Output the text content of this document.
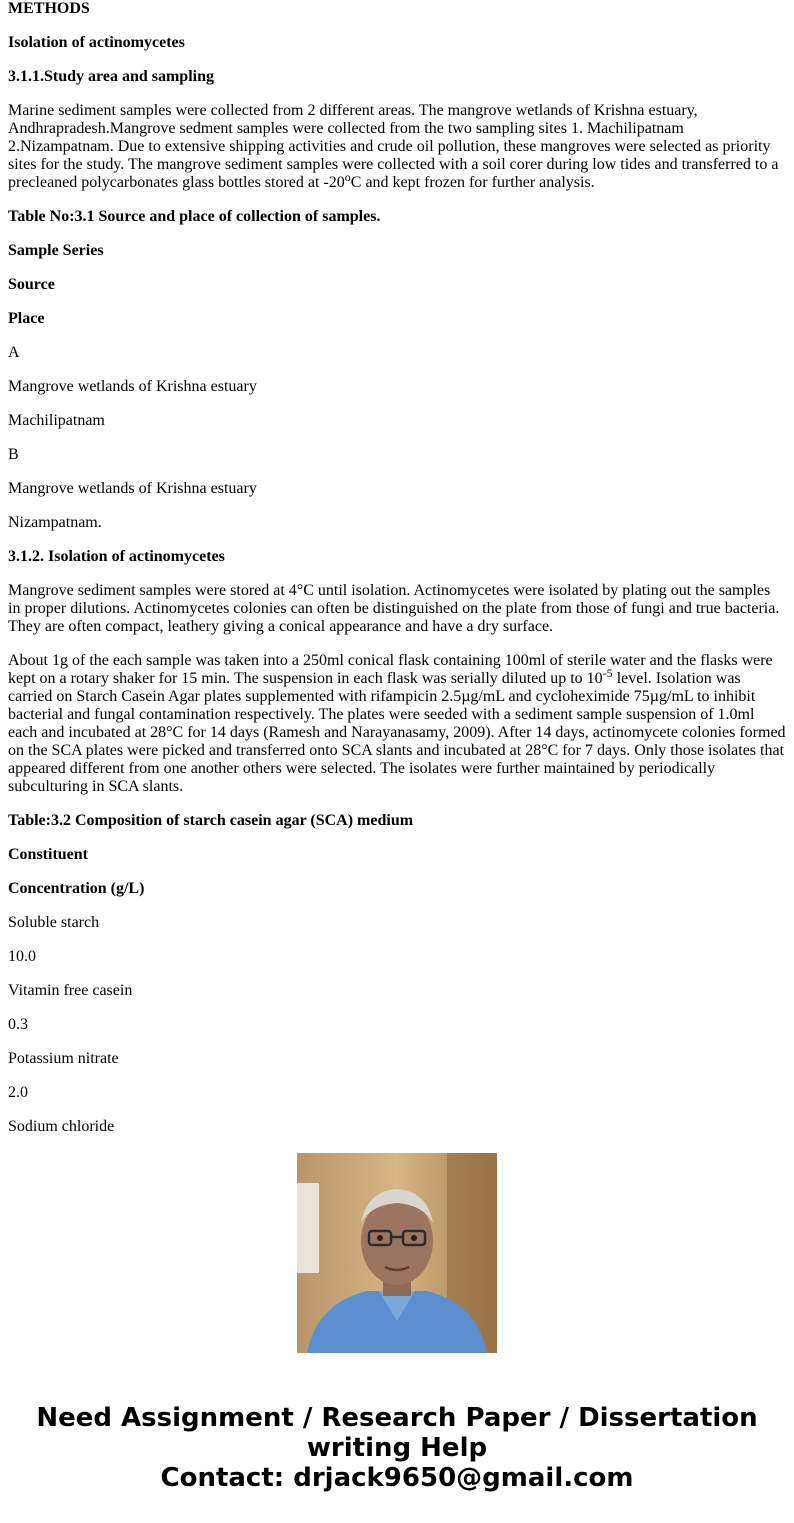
METHODS

Isolation of actinomycetes

3.1.1.Study area and sampling

Marine sediment samples were collected from 2 different areas. The mangrove wetlands of Krishna estuary, Andhrapradesh.Mangrove sedment samples were collected from the two sampling sites 1. Machilipatnam 2.Nizampatnam. Due to extensive shipping activities and crude oil pollution, these mangroves were selected as priority sites for the study. The mangrove sediment samples were collected with a soil corer during low tides and transferred to a precleaned polycarbonates glass bottles stored at -20$^o$C and kept frozen for further analysis.

Table No:3.1 Source and place of collection of samples.

Sample Series

Source

Place

A

Mangrove wetlands of Krishna estuary

Machilipatnam

B

Mangrove wetlands of Krishna estuary

Nizampatnam.

3.1.2. Isolation of actinomycetes

Mangrove sediment samples were stored at 4°C until isolation. Actinomycetes were isolated by plating out the samples in proper dilutions. Actinomycetes colonies can often be distinguished on the plate from those of fungi and true bacteria. They are often compact, leathery giving a conical appearance and have a dry surface.

About 1g of the each sample was taken into a 250ml conical flask containing 100ml of sterile water and the flasks were kept on a rotary shaker for 15 min. The suspension in each flask was serially diluted up to $10^{-5}$ level. Isolation was carried on Starch Casein Agar plates supplemented with rifampicin 2.5µg/mL and cycloheximide 75µg/mL to inhibit bacterial and fungal contamination respectively. The plates were seeded with a sediment sample suspension of 1.0ml each and incubated at 28°C for 14 days (Ramesh and Narayanasamy, 2009). After 14 days, actinomycete colonies formed on the SCA plates were picked and transferred onto SCA slants and incubated at 28°C for 7 days. Only those isolates that appeared different from one another others were selected. The isolates were further maintained by periodically subculturing in SCA slants.

Table:3.2 Composition of starch casein agar (SCA) medium

Constituent

Concentration (g/L)

Soluble starch

10.0

Vitamin free casein

0.3

Potassium nitrate

2.0

Sodium chloride

Need Assignment / Research Paper / Dissertation
writing Help
Contact: drjack9650@gmail.com
